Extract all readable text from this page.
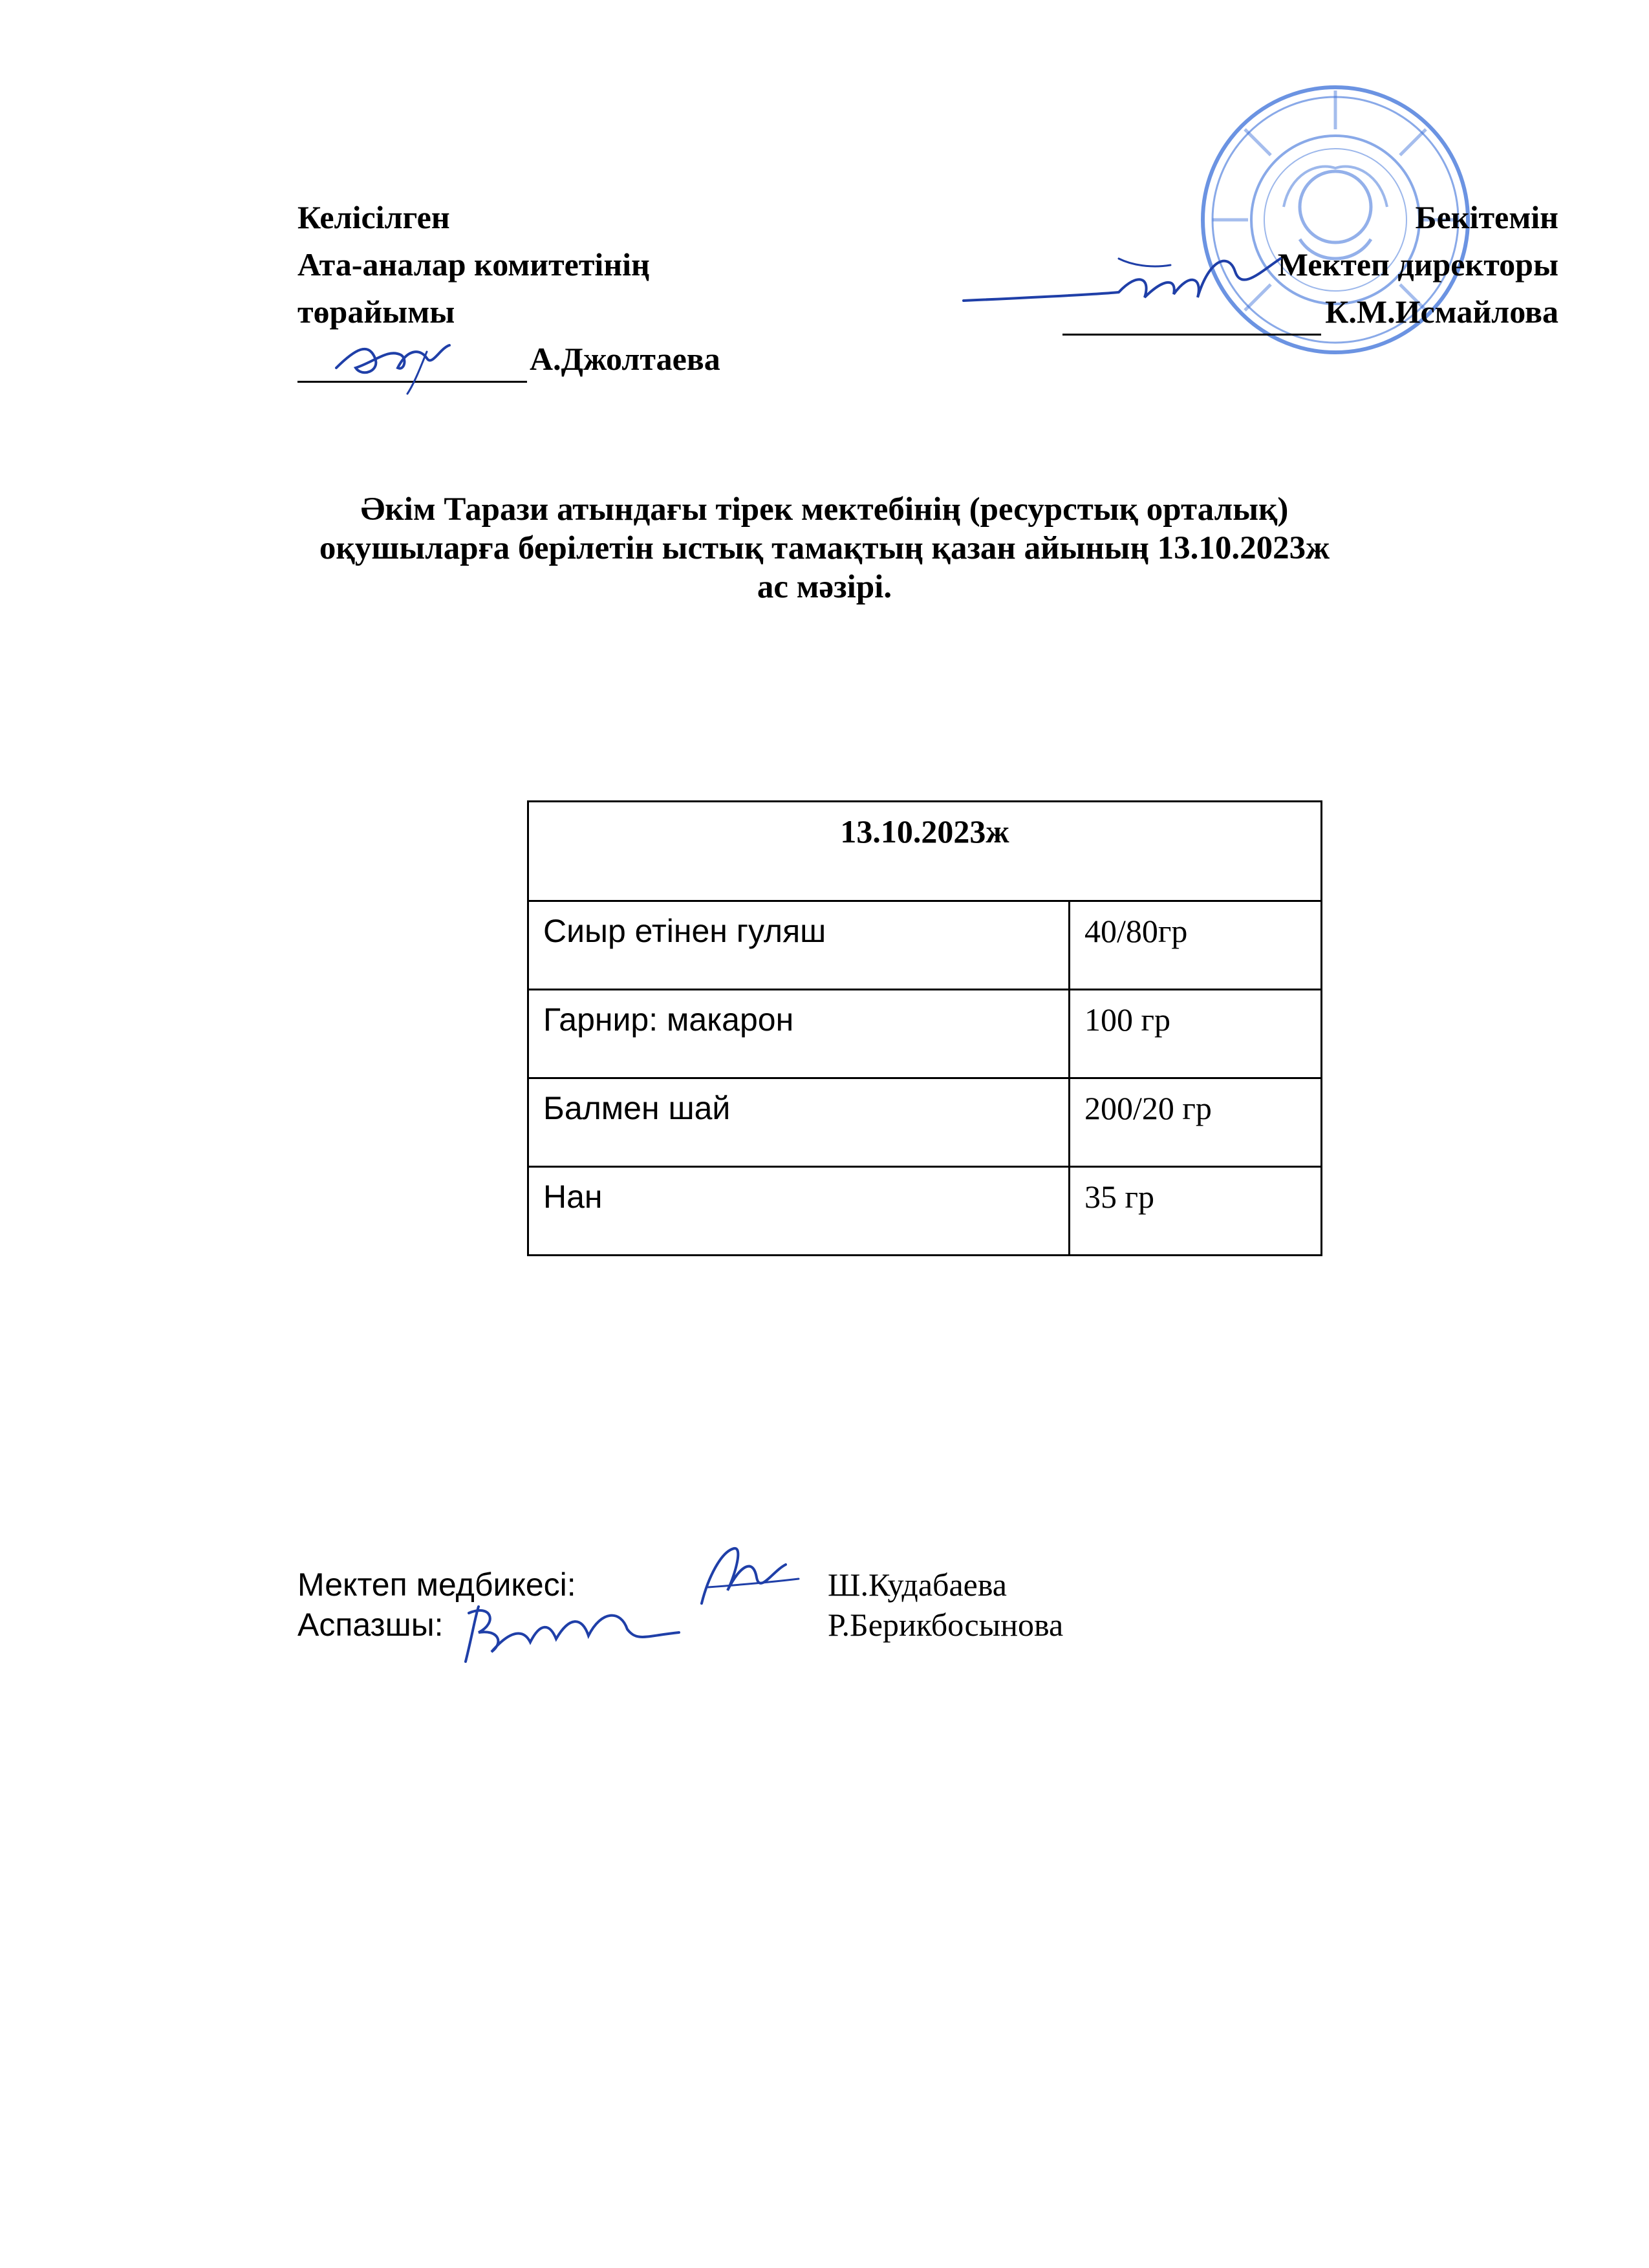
Келісілген
Ата-аналар комитетінің
төрайымы
А.Джолтаева
Бекітемін
Мектеп директоры
К.М.Исмайлова
Әкім Тарази атындағы тірек мектебінің (ресурстық орталық)
оқушыларға берілетін ыстық тамақтың қазан айының 13.10.2023ж
ас мәзірі.
13.10.2023ж	
Сиыр етінен гуляш	40/80гр
Гарнир: макарон	100 гр
Балмен шай	200/20 гр
Нан	35 гр
Мектеп медбикесі:	Ш.Кудабаева
Аспазшы:	Р.Берикбосынова
